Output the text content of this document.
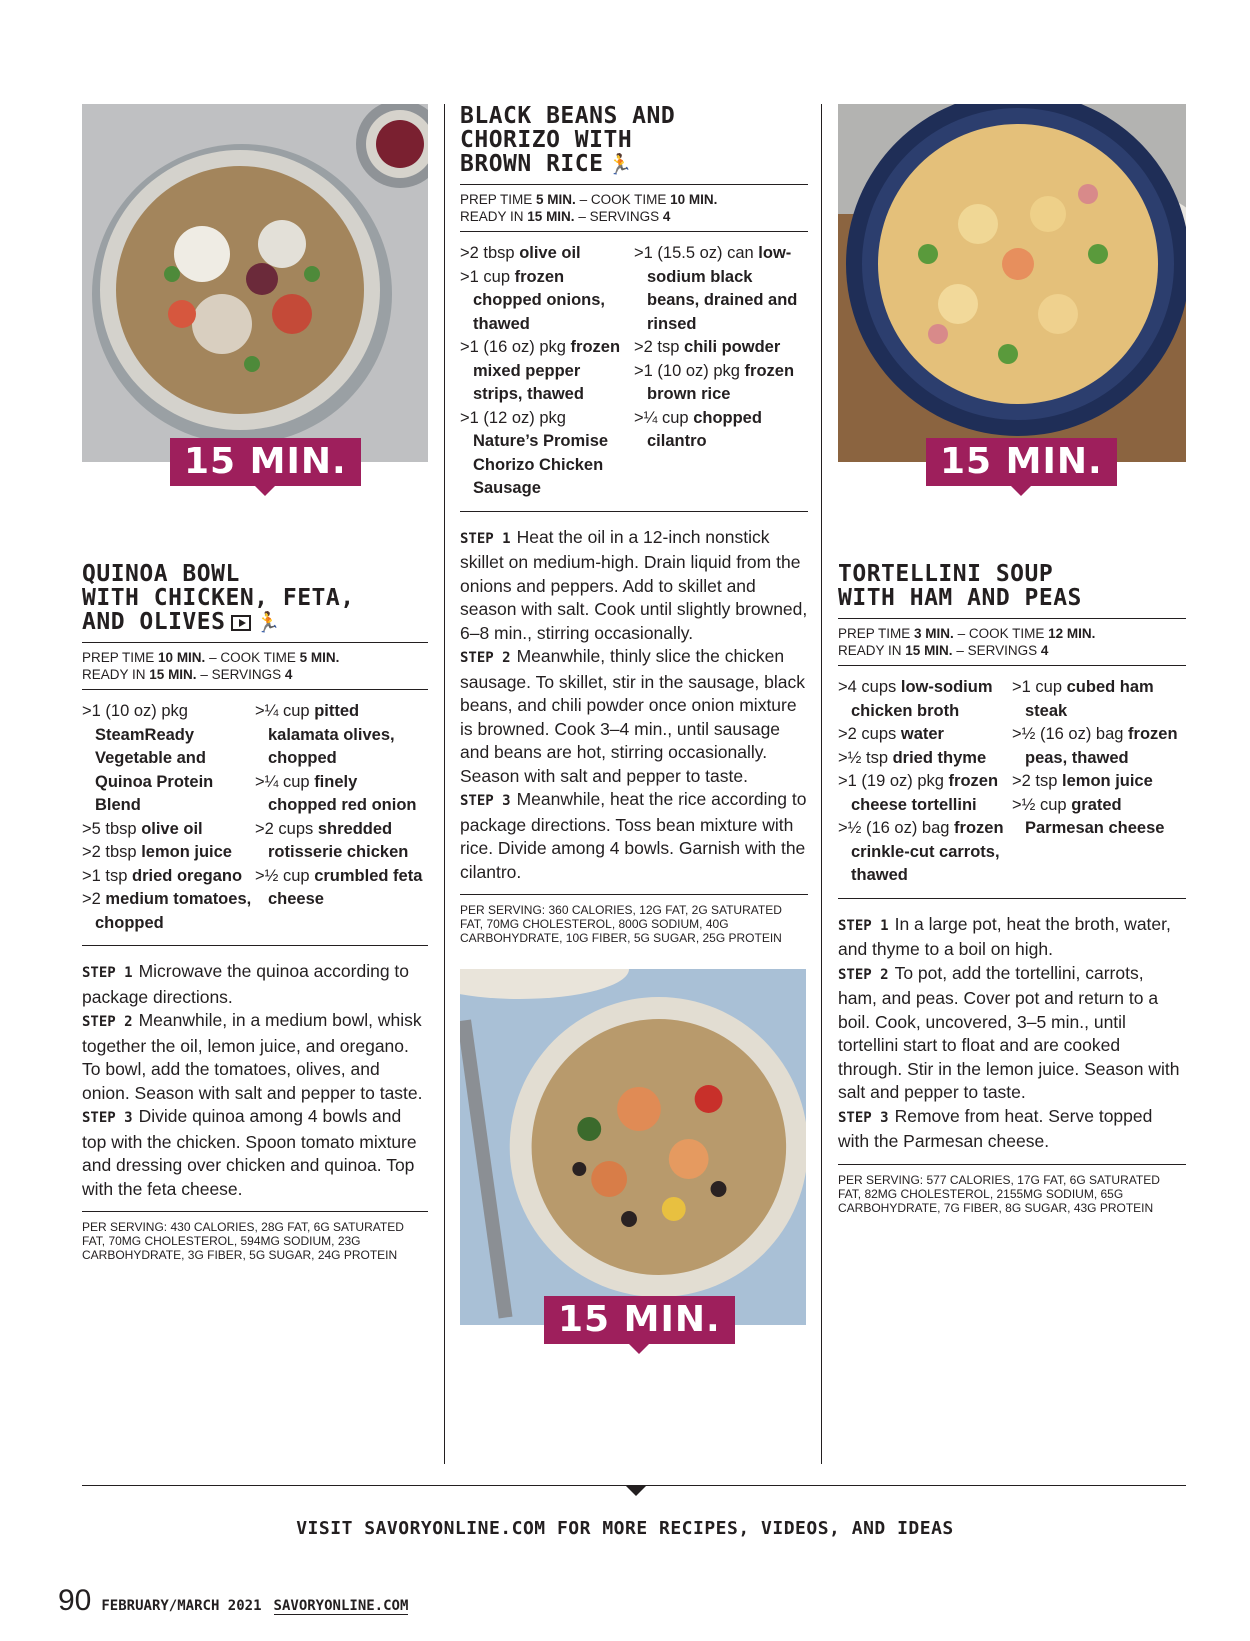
15 MIN.
QUINOA BOWL
WITH CHICKEN, FETA,
AND OLIVES 🏃
PREP TIME 10 MIN. – COOK TIME 5 MIN.
READY IN 15 MIN. – SERVINGS 4
>1 (10 oz) pkg SteamReady Vegetable and Quinoa Protein Blend
>5 tbsp olive oil
>2 tbsp lemon juice
>1 tsp dried oregano
>2 medium tomatoes, chopped
>¼ cup pitted kalamata olives, chopped
>¼ cup finely chopped red onion
>2 cups shredded rotisserie chicken
>½ cup crumbled feta cheese

STEP 1 Microwave the quinoa according to package directions.

STEP 2 Meanwhile, in a medium bowl, whisk together the oil, lemon juice, and oregano. To bowl, add the tomatoes, olives, and onion. Season with salt and pepper to taste.

STEP 3 Divide quinoa among 4 bowls and top with the chicken. Spoon tomato mixture and dressing over chicken and quinoa. Top with the feta cheese.

PER SERVING: 430 CALORIES, 28G FAT, 6G SATURATED FAT, 70MG CHOLESTEROL, 594MG SODIUM, 23G CARBOHYDRATE, 3G FIBER, 5G SUGAR, 24G PROTEIN
BLACK BEANS AND
CHORIZO WITH
BROWN RICE 🏃
PREP TIME 5 MIN. – COOK TIME 10 MIN.
READY IN 15 MIN. – SERVINGS 4
>2 tbsp olive oil
>1 cup frozen chopped onions, thawed
>1 (16 oz) pkg frozen mixed pepper strips, thawed
>1 (12 oz) pkg Nature’s Promise Chorizo Chicken Sausage
>1 (15.5 oz) can low-sodium black beans, drained and rinsed
>2 tsp chili powder
>1 (10 oz) pkg frozen brown rice
>¼ cup chopped cilantro

STEP 1 Heat the oil in a 12-inch nonstick skillet on medium-high. Drain liquid from the onions and peppers. Add to skillet and season with salt. Cook until slightly browned, 6–8 min., stirring occasionally.

STEP 2 Meanwhile, thinly slice the chicken sausage. To skillet, stir in the sausage, black beans, and chili powder once onion mixture is browned. Cook 3–4 min., until sausage and beans are hot, stirring occasionally. Season with salt and pepper to taste.

STEP 3 Meanwhile, heat the rice according to package directions. Toss bean mixture with rice. Divide among 4 bowls. Garnish with the cilantro.

PER SERVING: 360 CALORIES, 12G FAT, 2G SATURATED FAT, 70MG CHOLESTEROL, 800G SODIUM, 40G CARBOHYDRATE, 10G FIBER, 5G SUGAR, 25G PROTEIN
15 MIN.
15 MIN.
TORTELLINI SOUP
WITH HAM AND PEAS
PREP TIME 3 MIN. – COOK TIME 12 MIN.
READY IN 15 MIN. – SERVINGS 4
>4 cups low-sodium chicken broth
>2 cups water
>½ tsp dried thyme
>1 (19 oz) pkg frozen cheese tortellini
>½ (16 oz) bag frozen crinkle-cut carrots, thawed
>1 cup cubed ham steak
>½ (16 oz) bag frozen peas, thawed
>2 tsp lemon juice
>½ cup grated Parmesan cheese

STEP 1 In a large pot, heat the broth, water, and thyme to a boil on high.

STEP 2 To pot, add the tortellini, carrots, ham, and peas. Cover pot and return to a boil. Cook, uncovered, 3–5 min., until tortellini start to float and are cooked through. Stir in the lemon juice. Season with salt and pepper to taste.

STEP 3 Remove from heat. Serve topped with the Parmesan cheese.

PER SERVING: 577 CALORIES, 17G FAT, 6G SATURATED FAT, 82MG CHOLESTEROL, 2155MG SODIUM, 65G CARBOHYDRATE, 7G FIBER, 8G SUGAR, 43G PROTEIN
VISIT SAVORYONLINE.COM FOR MORE RECIPES, VIDEOS, AND IDEAS
90 FEBRUARY/MARCH 2021 SAVORYONLINE.COM
